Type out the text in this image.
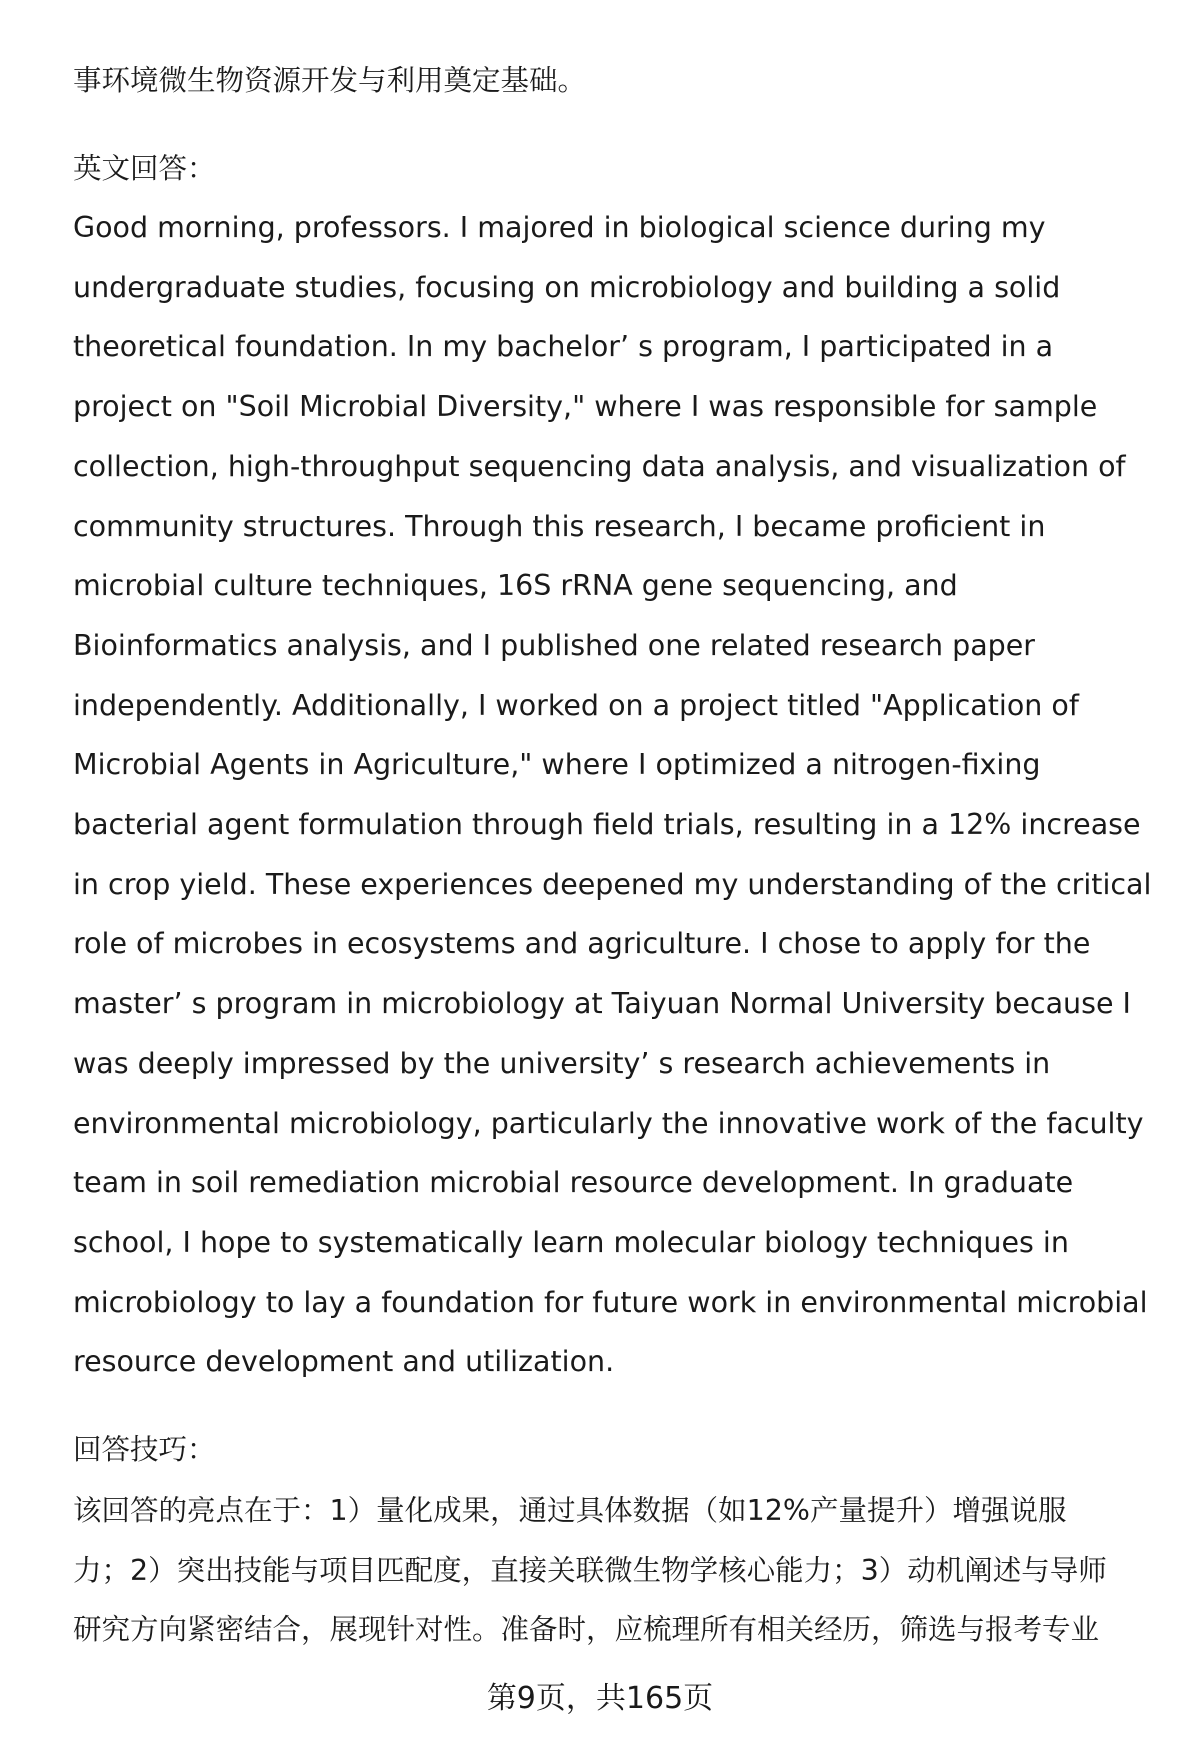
事环境微生物资源开发与利用奠定基础。
英文回答：
Good morning, professors. I majored in biological science during my
undergraduate studies, focusing on microbiology and building a solid
theoretical foundation. In my bachelor’ s program, I participated in a
project on "Soil Microbial Diversity," where I was responsible for sample
collection, high-throughput sequencing data analysis, and visualization of
community structures. Through this research, I became proficient in
microbial culture techniques, 16S rRNA gene sequencing, and
Bioinformatics analysis, and I published one related research paper
independently. Additionally, I worked on a project titled "Application of
Microbial Agents in Agriculture," where I optimized a nitrogen-fixing
bacterial agent formulation through field trials, resulting in a 12% increase
in crop yield. These experiences deepened my understanding of the critical
role of microbes in ecosystems and agriculture. I chose to apply for the
master’ s program in microbiology at Taiyuan Normal University because I
was deeply impressed by the university’ s research achievements in
environmental microbiology, particularly the innovative work of the faculty
team in soil remediation microbial resource development. In graduate
school, I hope to systematically learn molecular biology techniques in
microbiology to lay a foundation for future work in environmental microbial
resource development and utilization.
回答技巧：
该回答的亮点在于：1）量化成果，通过具体数据（如12%产量提升）增强说服
力；2）突出技能与项目匹配度，直接关联微生物学核心能力；3）动机阐述与导师
研究方向紧密结合，展现针对性。准备时，应梳理所有相关经历，筛选与报考专业
第9页，共165页
